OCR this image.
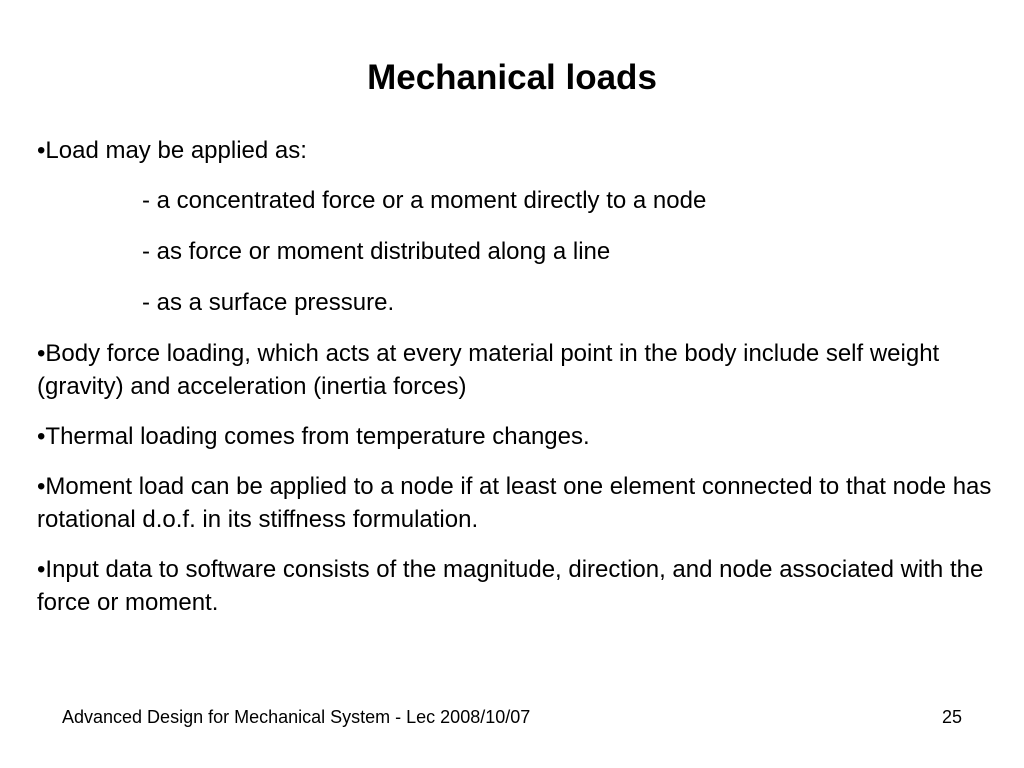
Mechanical loads

•Load may be applied as:

- a concentrated force or a moment directly to a node

- as force or moment distributed along a line

- as a surface pressure.

•Body force loading, which acts at every material point in the body include self weight (gravity) and acceleration (inertia forces)

•Thermal loading comes from temperature changes.

•Moment load can be applied to a node if at least one element connected to that node has rotational d.o.f. in its stiffness formulation.

•Input data to software consists of the magnitude, direction, and node associated with the force or moment.

Advanced Design for Mechanical System - Lec 2008/10/07	25
